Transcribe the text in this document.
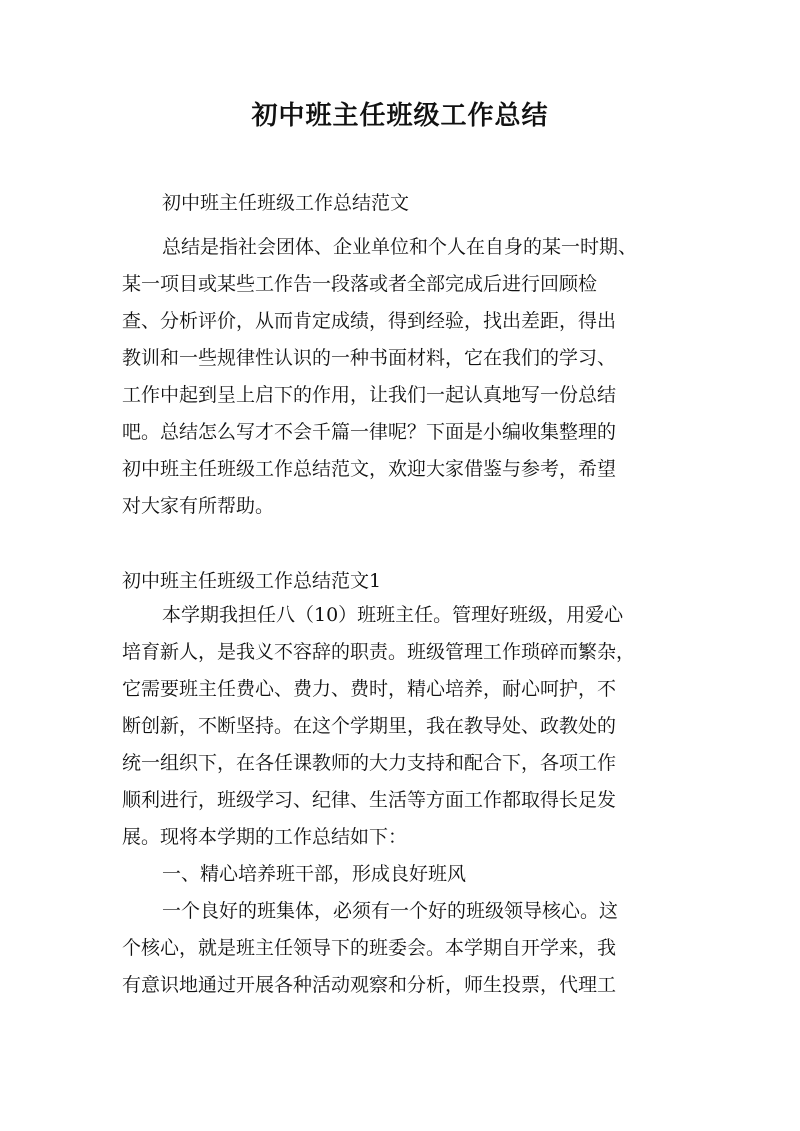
初中班主任班级工作总结
初中班主任班级工作总结范文
总结是指社会团体、企业单位和个人在自身的某一时期、
某一项目或某些工作告一段落或者全部完成后进行回顾检
查、分析评价，从而肯定成绩，得到经验，找出差距，得出
教训和一些规律性认识的一种书面材料，它在我们的学习、
工作中起到呈上启下的作用，让我们一起认真地写一份总结
吧。总结怎么写才不会千篇一律呢？下面是小编收集整理的
初中班主任班级工作总结范文，欢迎大家借鉴与参考，希望
对大家有所帮助。
初中班主任班级工作总结范文1
本学期我担任八（10）班班主任。管理好班级，用爱心
培育新人，是我义不容辞的职责。班级管理工作琐碎而繁杂，
它需要班主任费心、费力、费时，精心培养，耐心呵护，不
断创新，不断坚持。在这个学期里，我在教导处、政教处的
统一组织下，在各任课教师的大力支持和配合下，各项工作
顺利进行，班级学习、纪律、生活等方面工作都取得长足发
展。现将本学期的工作总结如下：
一、精心培养班干部，形成良好班风
一个良好的班集体，必须有一个好的班级领导核心。这
个核心，就是班主任领导下的班委会。本学期自开学来，我
有意识地通过开展各种活动观察和分析，师生投票，代理工
